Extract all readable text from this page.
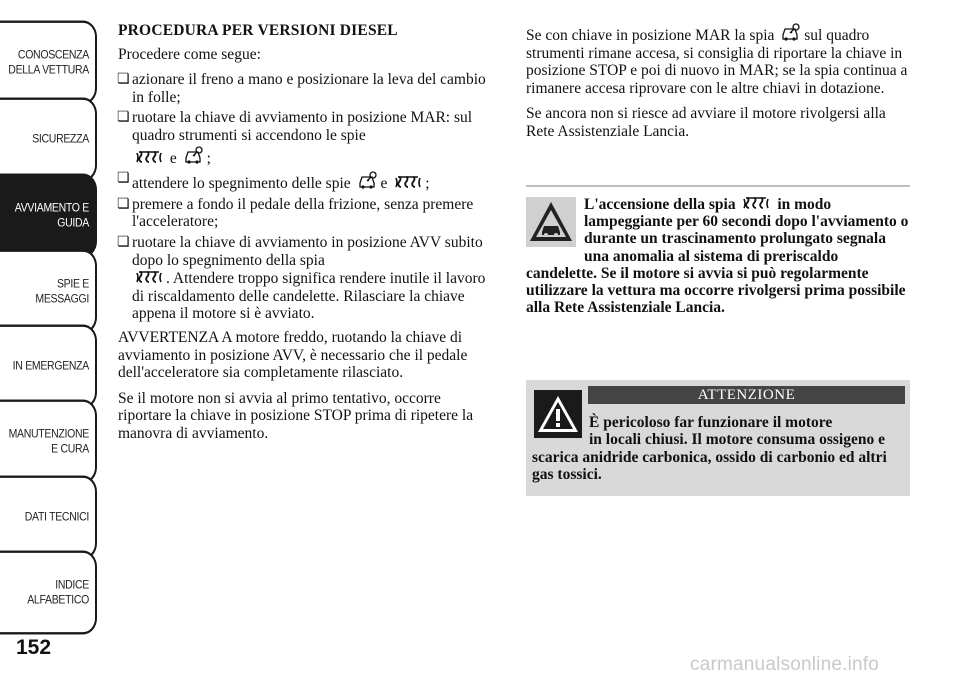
CONOSCENZA DELLA VETTURA
SICUREZZA
AVVIAMENTO E GUIDA
SPIE E MESSAGGI
IN EMERGENZA
MANUTENZIONE E CURA
DATI TECNICI
INDICE ALFABETICO
152

PROCEDURA PER VERSIONI DIESEL

Procedere come segue:

❏ azionare il freno a mano e posizionare la leva del cambio in folle;
❏ ruotare la chiave di avviamento in posizione MAR: sul quadro strumenti si accendono le spie
e ;
❏ attendere lo spegnimento delle spie e ;
❏ premere a fondo il pedale della frizione, senza premere l'acceleratore;
❏ ruotare la chiave di avviamento in posizione AVV subito dopo lo spegnimento della spia
. Attendere troppo significa rendere inutile il lavoro di riscaldamento delle candelette. Rilasciare la chiave appena il motore si è avviato.

AVVERTENZA A motore freddo, ruotando la chiave di avviamento in posizione AVV, è necessario che il pedale dell'acceleratore sia completamente rilasciato.

Se il motore non si avvia al primo tentativo, occorre riportare la chiave in posizione STOP prima di ripetere la manovra di avviamento.

Se con chiave in posizione MAR la spia sul quadro strumenti rimane accesa, si consiglia di riportare la chiave in posizione STOP e poi di nuovo in MAR; se la spia continua a rimanere accesa riprovare con le altre chiavi in dotazione.

Se ancora non si riesce ad avviare il motore rivolgersi alla Rete Assistenziale Lancia.

L'accensione della spia	in modo lampeggiante per 60 secondi dopo l'avviamento o durante un trascinamento prolungato segnala una anomalia al sistema di preriscaldo candelette. Se il motore si avvia si può regolarmente utilizzare la vettura ma occorre rivolgersi prima possibile alla Rete Assistenziale Lancia.

ATTENZIONE
È pericoloso far funzionare il motore
in locali chiusi. Il motore consuma ossigeno e scarica anidride carbonica, ossido di carbonio ed altri gas tossici.
carmanualsonline.info
